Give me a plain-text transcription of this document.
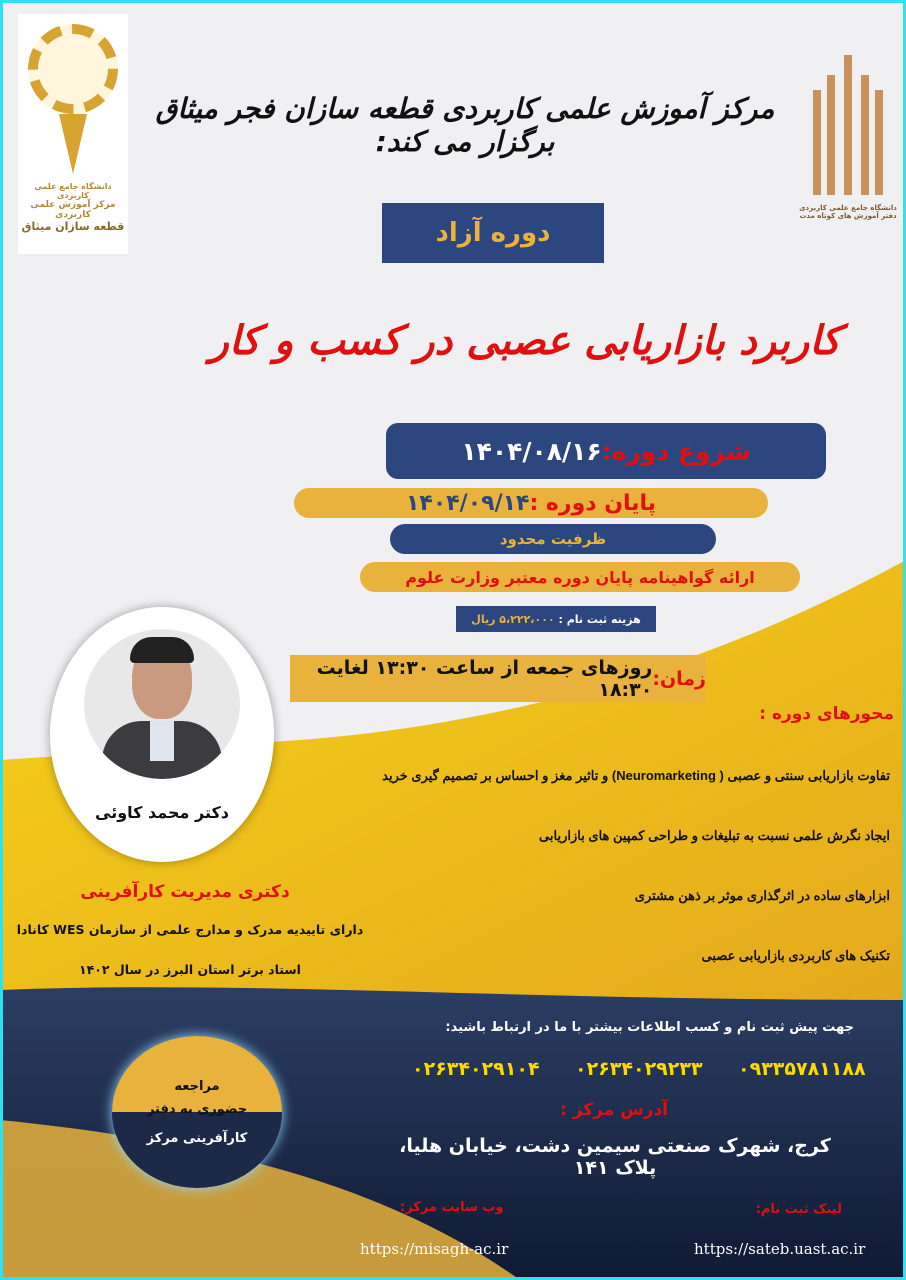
دانشگاه جامع علمی کاربردی
مرکز آموزش علمی کاربردی
قطعه سازان میثاق
دانشگاه جامع علمی کاربردی
دفتر آموزش های کوتاه مدت
مرکز آموزش علمی کاربردی قطعه سازان فجر میثاق برگزار می کند:
دوره آزاد
کاربرد بازاریابی عصبی در کسب و کار
شروع دوره:
۱۴۰۴/۰۸/۱۶
پایان دوره :
۱۴۰۴/۰۹/۱۴
ظرفیت محدود
ارائه گواهینامه پایان دوره معتبر وزارت علوم
هزینه ثبت نام :

۵،۲۲۲،۰۰۰ ریال
زمان:
روزهای جمعه از ساعت ۱۳:۳۰ لغایت ۱۸:۳۰
محورهای دوره :
تفاوت بازاریابی سنتی و عصبی ( Neuromarketing) و تاثیر مغز و احساس بر تصمیم گیری خرید
ایجاد نگرش علمی نسبت به تبلیغات و طراحی کمپین های بازاریابی
ابزارهای ساده در اثرگذاری موثر بر ذهن مشتری
تکنیک های کاربردی بازاریابی عصبی
دکتر محمد کاوئی
دکتری مدیریت کارآفرینی
دارای تاییدیه مدرک و مدارج علمی از سازمان WES کانادا
استاد برتر استان البرز در سال ۱۴۰۲
جهت پیش ثبت نام و کسب اطلاعات بیشتر با ما در ارتباط باشید:
۰۹۳۳۵۷۸۱۱۸۸
۰۲۶۳۴۰۲۹۲۳۳
۰۲۶۳۴۰۲۹۱۰۴
آدرس مرکز :
کرج، شهرک صنعتی سیمین دشت، خیابان هلیا، پلاک ۱۴۱
مراجعه
حضوری به دفتر
کارآفرینی مرکز
لینک ثبت نام:
وب سایت مرکز:
https://sateb.uast.ac.ir
https://misagh-ac.ir
